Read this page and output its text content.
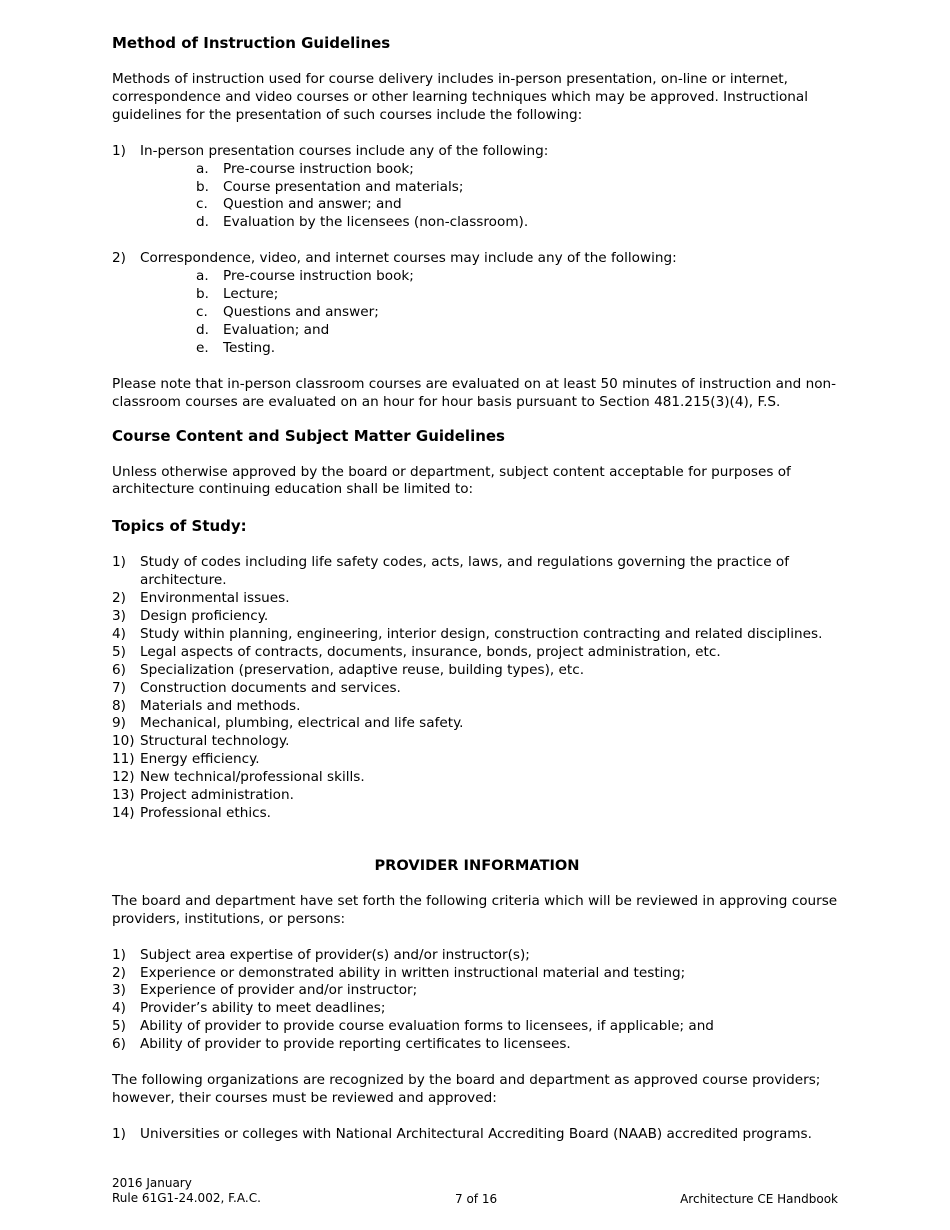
Method of Instruction Guidelines

Methods of instruction used for course delivery includes in-person presentation, on-line or internet, correspondence and video courses or other learning techniques which may be approved. Instructional guidelines for the presentation of such courses include the following:

1) In-person presentation courses include any of the following:
a. Pre-course instruction book;
b. Course presentation and materials;
c. Question and answer; and
d. Evaluation by the licensees (non-classroom).
2) Correspondence, video, and internet courses may include any of the following:
a. Pre-course instruction book;
b. Lecture;
c. Questions and answer;
d. Evaluation; and
e. Testing.

Please note that in-person classroom courses are evaluated on at least 50 minutes of instruction and non-classroom courses are evaluated on an hour for hour basis pursuant to Section 481.215(3)(4), F.S.

Course Content and Subject Matter Guidelines

Unless otherwise approved by the board or department, subject content acceptable for purposes of architecture continuing education shall be limited to:

Topics of Study:
1) Study of codes including life safety codes, acts, laws, and regulations governing the practice of architecture.
2) Environmental issues.
3) Design proficiency.
4) Study within planning, engineering, interior design, construction contracting and related disciplines.
5) Legal aspects of contracts, documents, insurance, bonds, project administration, etc.
6) Specialization (preservation, adaptive reuse, building types), etc.
7) Construction documents and services.
8) Materials and methods.
9) Mechanical, plumbing, electrical and life safety.
10) Structural technology.
11) Energy efficiency.
12) New technical/professional skills.
13) Project administration.
14) Professional ethics.
PROVIDER INFORMATION

The board and department have set forth the following criteria which will be reviewed in approving course providers, institutions, or persons:

1) Subject area expertise of provider(s) and/or instructor(s);
2) Experience or demonstrated ability in written instructional material and testing;
3) Experience of provider and/or instructor;
4) Provider’s ability to meet deadlines;
5) Ability of provider to provide course evaluation forms to licensees, if applicable; and
6) Ability of provider to provide reporting certificates to licensees.

The following organizations are recognized by the board and department as approved course providers; however, their courses must be reviewed and approved:

1) Universities or colleges with National Architectural Accrediting Board (NAAB) accredited programs.
2016 January
Rule 61G1-24.002, F.A.C.	7 of 16	Architecture CE Handbook
